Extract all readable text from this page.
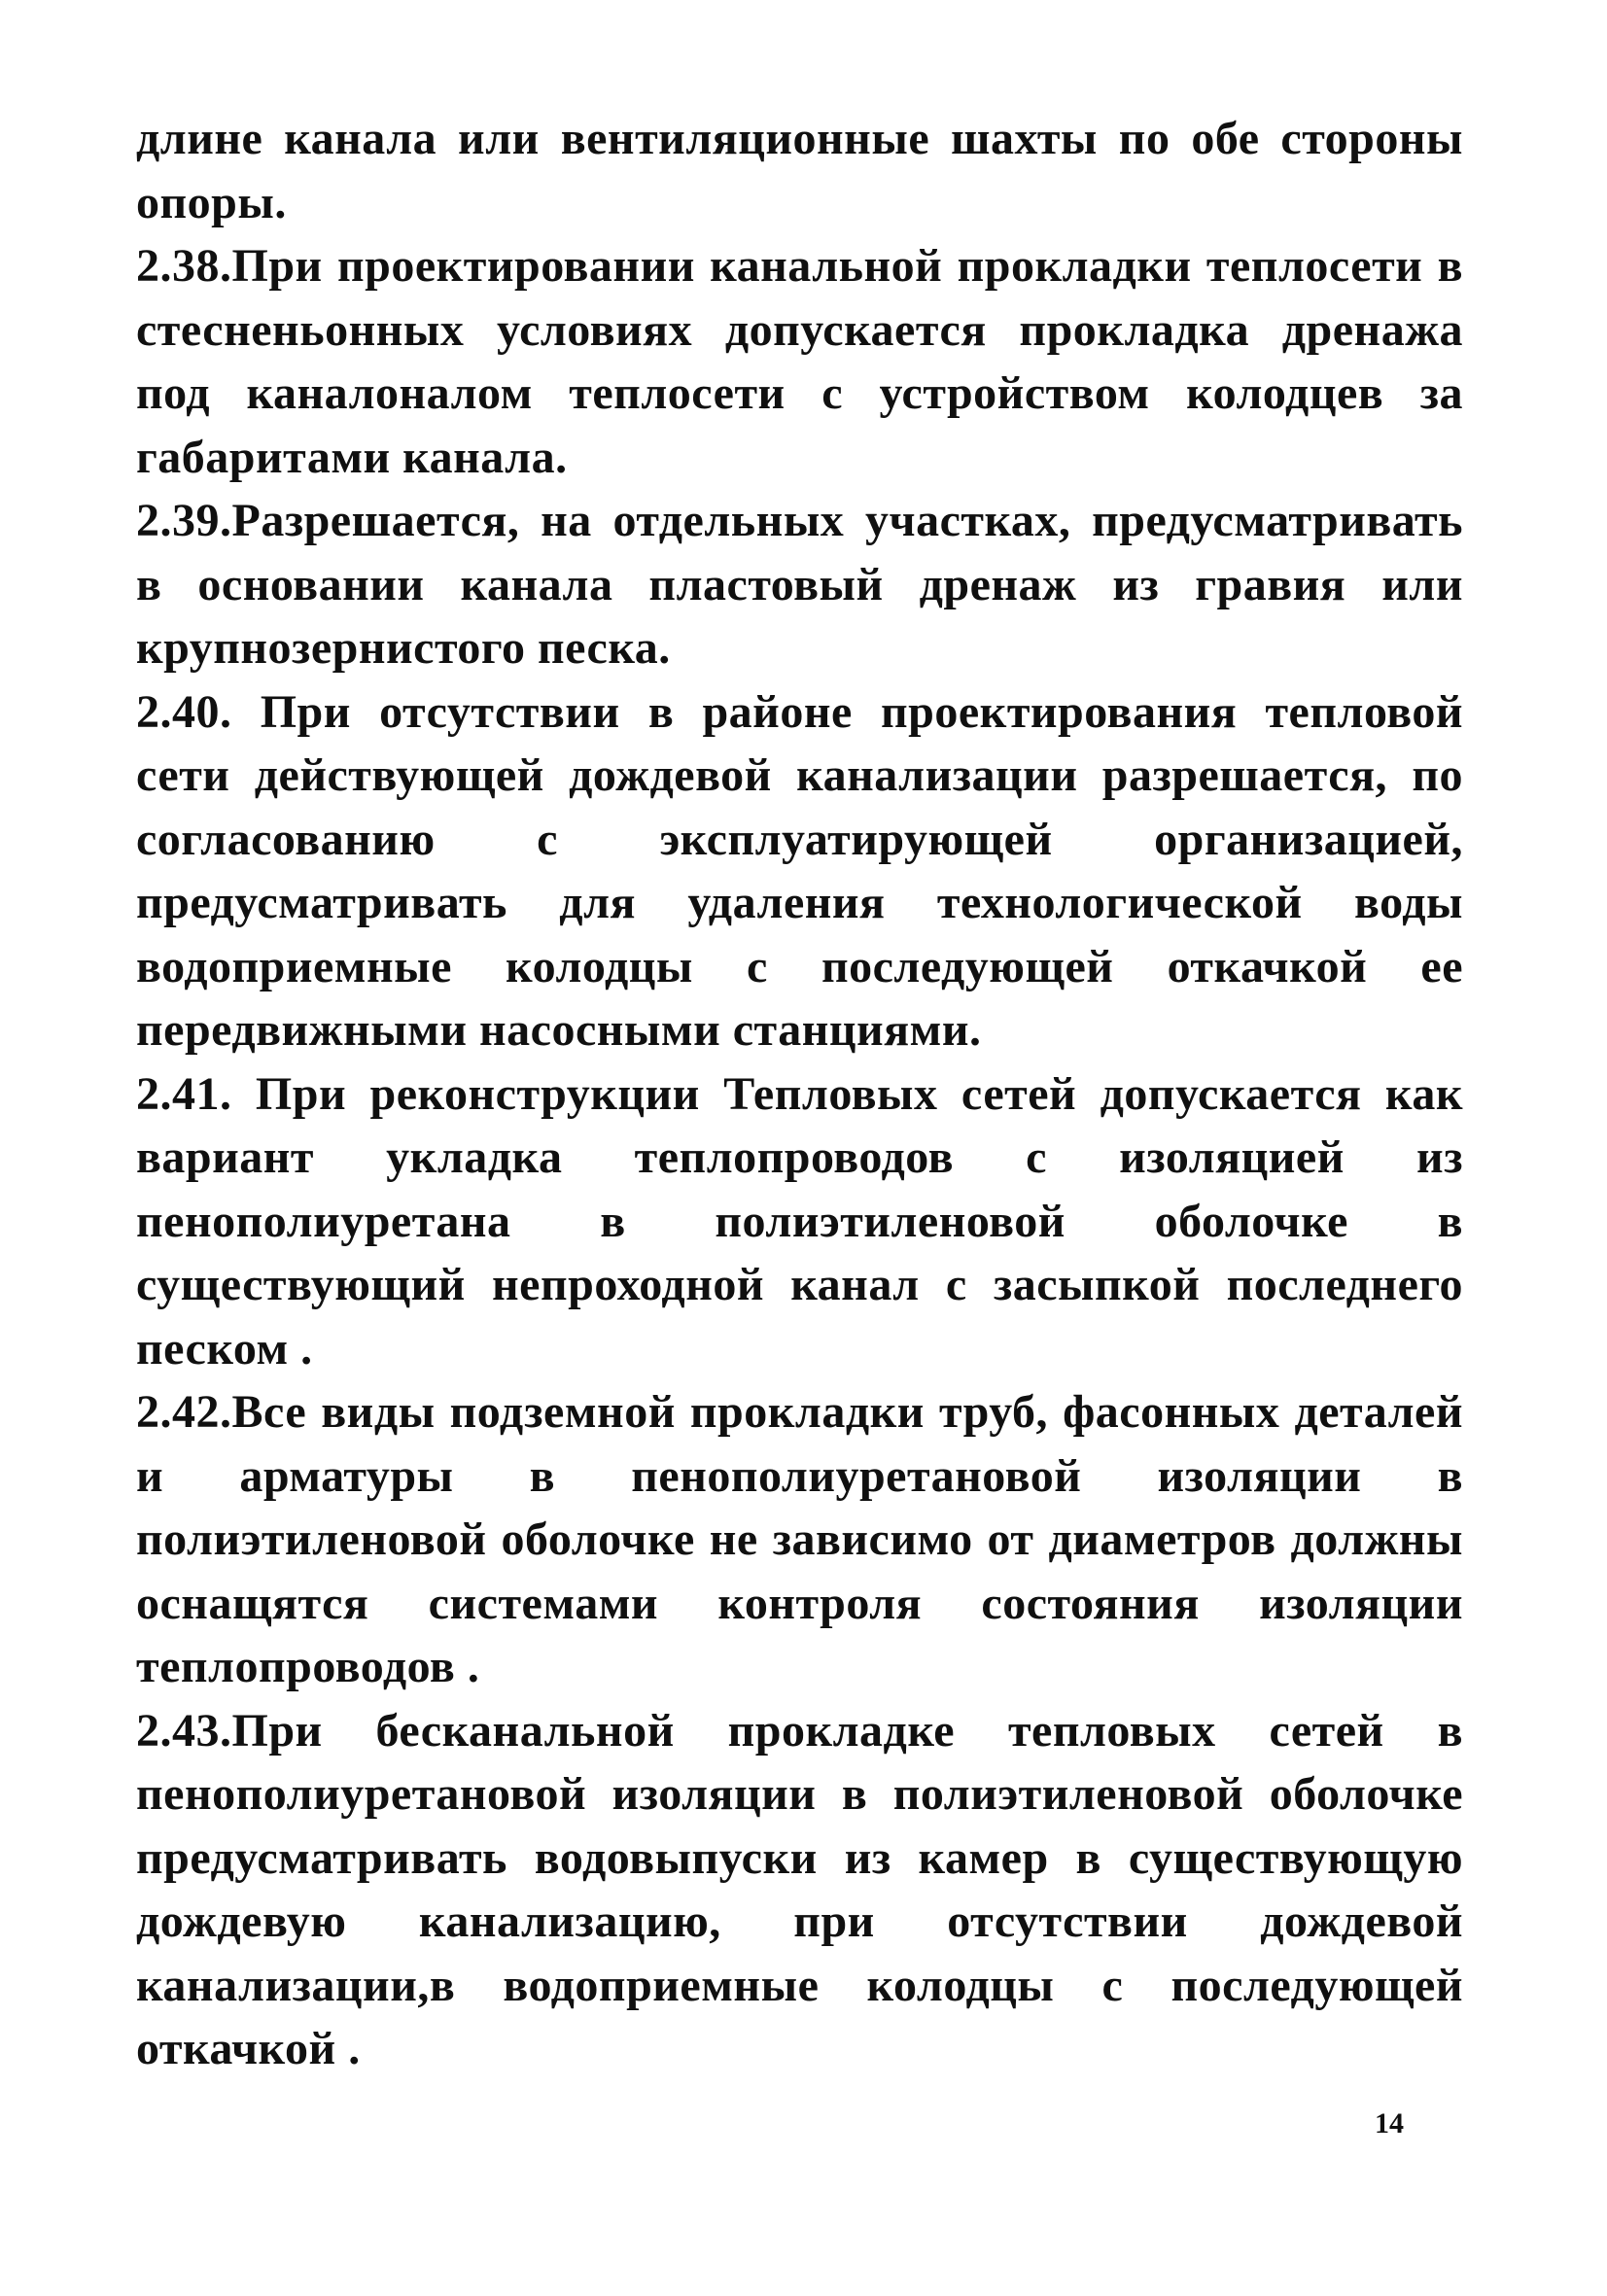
длине канала или вентиляционные шахты по обе стороны опоры.

2.38.При проектировании канальной прокладки теплосети в стесненьонных условиях допускается прокладка дренажа под каналоналом теплосети с устройством колодцев за габаритами канала.

2.39.Разрешается, на отдельных участках, предусматривать в основании канала пластовый дренаж из гравия или крупнозернистого песка.

2.40. При отсутствии в районе проектирования тепловой сети действующей дождевой канализации разрешается, по согласованию с эксплуатирующей организацией, предусматривать для удаления технологической воды водоприемные колодцы с последующей откачкой ее передвижными насосными станциями.

2.41. При реконструкции Тепловых сетей допускается как вариант укладка теплопроводов с изоляцией из пенополиуретана в полиэтиленовой оболочке в существующий непроходной канал с засыпкой последнего песком .

2.42.Все виды подземной прокладки труб, фасонных деталей и арматуры в пенополиуретановой изоляции в полиэтиленовой оболочке не зависимо от диаметров должны оснащятся системами контроля состояния изоляции теплопроводов .

2.43.При бесканальной прокладке тепловых сетей в пенополиуретановой изоляции в полиэтиленовой оболочке предусматривать водовыпуски из камер в существующую дождевую канализацию, при отсутствии дождевой канализации,в водоприемные колодцы с последующей откачкой .

14
